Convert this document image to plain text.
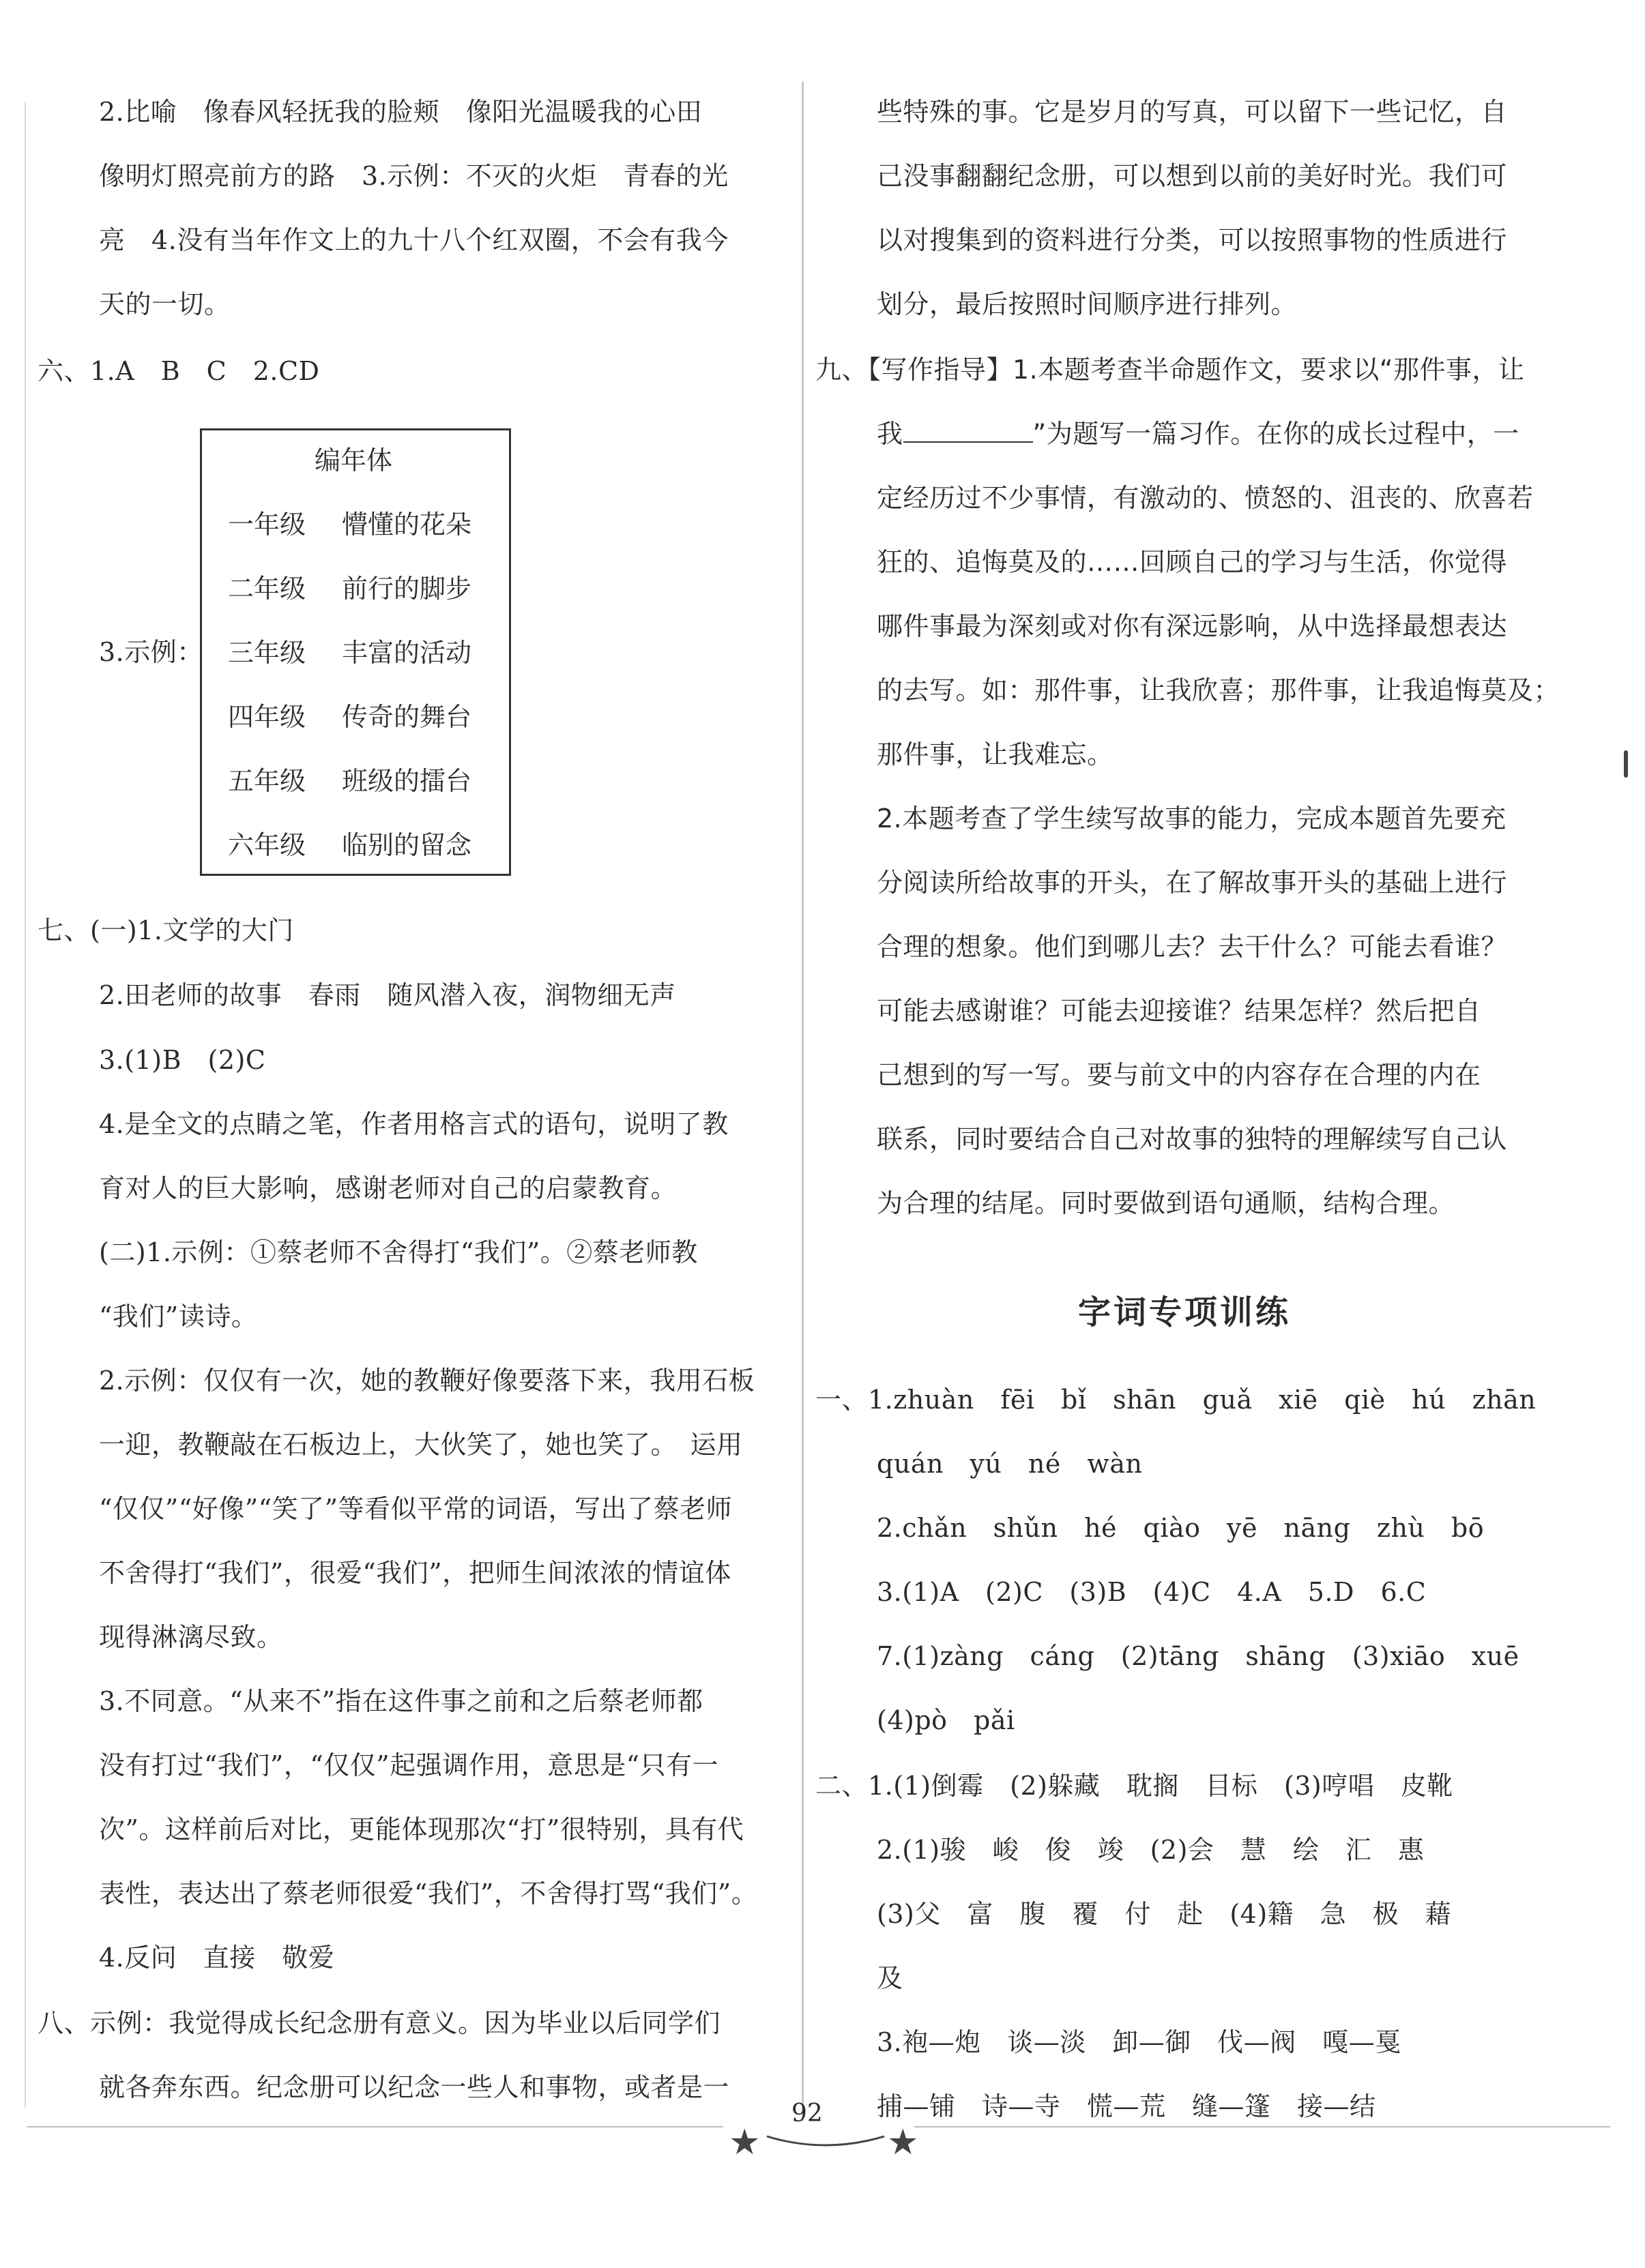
2.比喻　像春风轻抚我的脸颊　像阳光温暖我的心田
像明灯照亮前方的路　3.示例：不灭的火炬　青春的光
亮　4.没有当年作文上的九十八个红双圈，不会有我今
天的一切。
六、1.A　B　C　2.CD
3.示例：
七、(一)1.文学的大门
2.田老师的故事　春雨　随风潜入夜，润物细无声
3.(1)B　(2)C
4.是全文的点睛之笔，作者用格言式的语句，说明了教
育对人的巨大影响，感谢老师对自己的启蒙教育。
(二)1.示例：①蔡老师不舍得打“我们”。②蔡老师教
“我们”读诗。
2.示例：仅仅有一次，她的教鞭好像要落下来，我用石板
一迎，教鞭敲在石板边上，大伙笑了，她也笑了。　运用
“仅仅”“好像”“笑了”等看似平常的词语，写出了蔡老师
不舍得打“我们”，很爱“我们”，把师生间浓浓的情谊体
现得淋漓尽致。
3.不同意。“从来不”指在这件事之前和之后蔡老师都
没有打过“我们”，“仅仅”起强调作用，意思是“只有一
次”。这样前后对比，更能体现那次“打”很特别，具有代
表性，表达出了蔡老师很爱“我们”，不舍得打骂“我们”。
4.反问　直接　敬爱
八、示例：我觉得成长纪念册有意义。因为毕业以后同学们
就各奔东西。纪念册可以纪念一些人和事物，或者是一
编年体
一年级 懵懂的花朵
二年级 前行的脚步
三年级 丰富的活动
四年级 传奇的舞台
五年级 班级的擂台
六年级 临别的留念
些特殊的事。它是岁月的写真，可以留下一些记忆，自
己没事翻翻纪念册，可以想到以前的美好时光。我们可
以对搜集到的资料进行分类，可以按照事物的性质进行
划分，最后按照时间顺序进行排列。
九、【写作指导】1.本题考查半命题作文，要求以“那件事，让
我	”为题写一篇习作。在你的成长过程中，一
定经历过不少事情，有激动的、愤怒的、沮丧的、欣喜若
狂的、追悔莫及的……回顾自己的学习与生活，你觉得
哪件事最为深刻或对你有深远影响，从中选择最想表达
的去写。如：那件事，让我欣喜；那件事，让我追悔莫及；
那件事，让我难忘。
2.本题考查了学生续写故事的能力，完成本题首先要充
分阅读所给故事的开头，在了解故事开头的基础上进行
合理的想象。他们到哪儿去？去干什么？可能去看谁？
可能去感谢谁？可能去迎接谁？结果怎样？然后把自
己想到的写一写。要与前文中的内容存在合理的内在
联系，同时要结合自己对故事的独特的理解续写自己认
为合理的结尾。同时要做到语句通顺，结构合理。
字词专项训练
一、1.zhuàn　fēi　bǐ　shān　guǎ　xiē　qiè　hú　zhān
quán　yú　né　wàn
2.chǎn　shǔn　hé　qiào　yē　nāng　zhù　bō
3.(1)A　(2)C　(3)B　(4)C　4.A　5.D　6.C
7.(1)zàng　cáng　(2)tāng　shāng　(3)xiāo　xuē
(4)pò　pǎi
二、1.(1)倒霉　(2)躲藏　耽搁　目标　(3)哼唱　皮靴
2.(1)骏　峻　俊　竣　(2)会　慧　绘　汇　惠
(3)父　富　腹　覆　付　赴　(4)籍　急　极　藉
及
3.袍—炮　谈—淡　卸—御　伐—阀　嘎—戛
捕—铺　诗—寺　慌—荒　缝—篷　接—结
★	★
92
